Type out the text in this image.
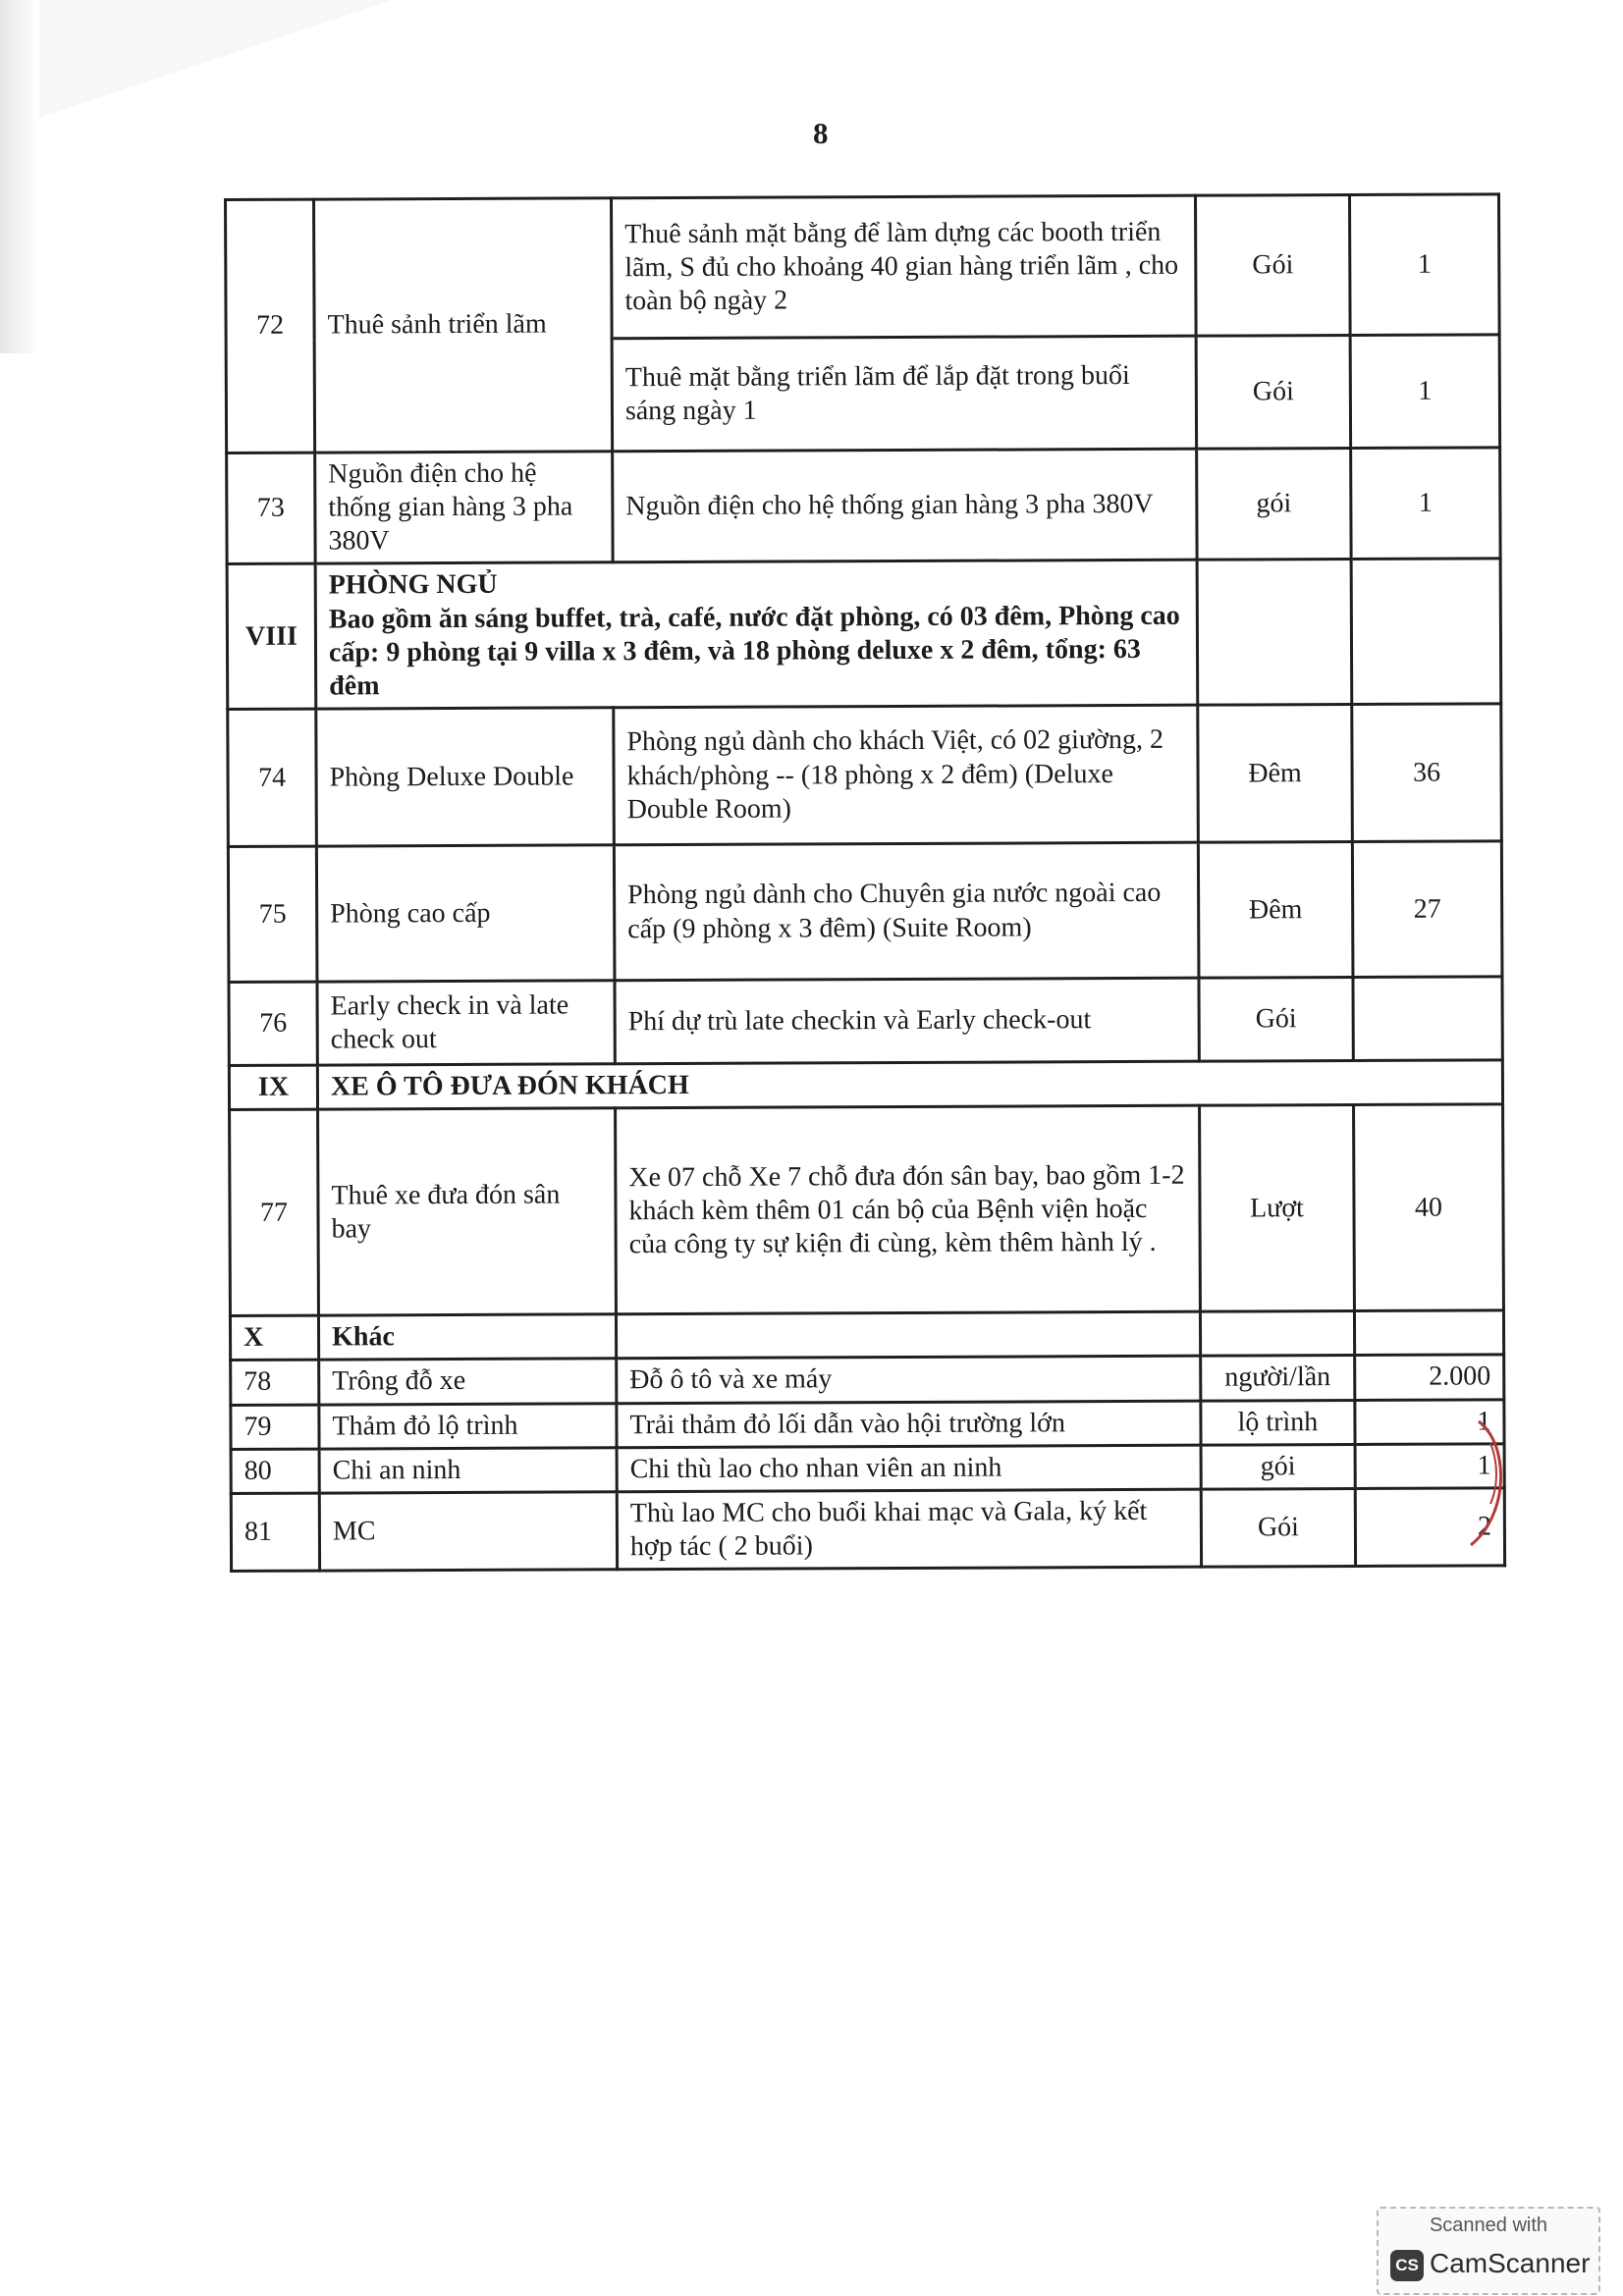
8
72	Thuê sảnh triển lãm	Thuê sảnh mặt bằng để làm dựng các booth triển lãm, S đủ cho khoảng 40 gian hàng triển lãm , cho toàn bộ ngày 2	Gói	1
		Thuê mặt bằng triển lãm để lắp đặt trong buổi sáng ngày 1	Gói	1
73	Nguồn điện cho hệ thống gian hàng 3 pha 380V	Nguồn điện cho hệ thống gian hàng 3 pha 380V	gói	1
VIII	PHÒNG NGỦ
Bao gồm ăn sáng buffet, trà, café, nước đặt phòng, có 03 đêm, Phòng cao cấp: 9 phòng tại 9 villa x 3 đêm, và 18 phòng deluxe x 2 đêm, tổng: 63 đêm			

74	Phòng Deluxe Double	Phòng ngủ dành cho khách Việt, có 02 giường, 2 khách/phòng -- (18 phòng x 2 đêm) (Deluxe Double Room)	Đêm	36
75	Phòng cao cấp	Phòng ngủ dành cho Chuyên gia nước ngoài cao cấp (9 phòng x 3 đêm) (Suite Room)	Đêm	27
76	Early check in và late check out	Phí dự trù late checkin và Early check-out	Gói	
IX	XE Ô TÔ ĐƯA ĐÓN KHÁCH			
77	Thuê xe đưa đón sân bay	Xe 07 chỗ Xe 7 chỗ đưa đón sân bay, bao gồm 1-2 khách kèm thêm 01 cán bộ của Bệnh viện hoặc của công ty sự kiện đi cùng, kèm thêm hành lý .	Lượt	40
X	Khác			
78	Trông đỗ xe	Đỗ ô tô và xe máy	người/lần	2.000
79	Thảm đỏ lộ trình	Trải thảm đỏ lối dẫn vào hội trường lớn	lộ trình	1
80	Chi an ninh	Chi thù lao cho nhan viên an ninh	gói	1
81	MC	Thù lao MC cho buổi khai mạc và Gala, ký kết hợp tác ( 2 buổi)	Gói	2
Scanned with
CS CamScanner
